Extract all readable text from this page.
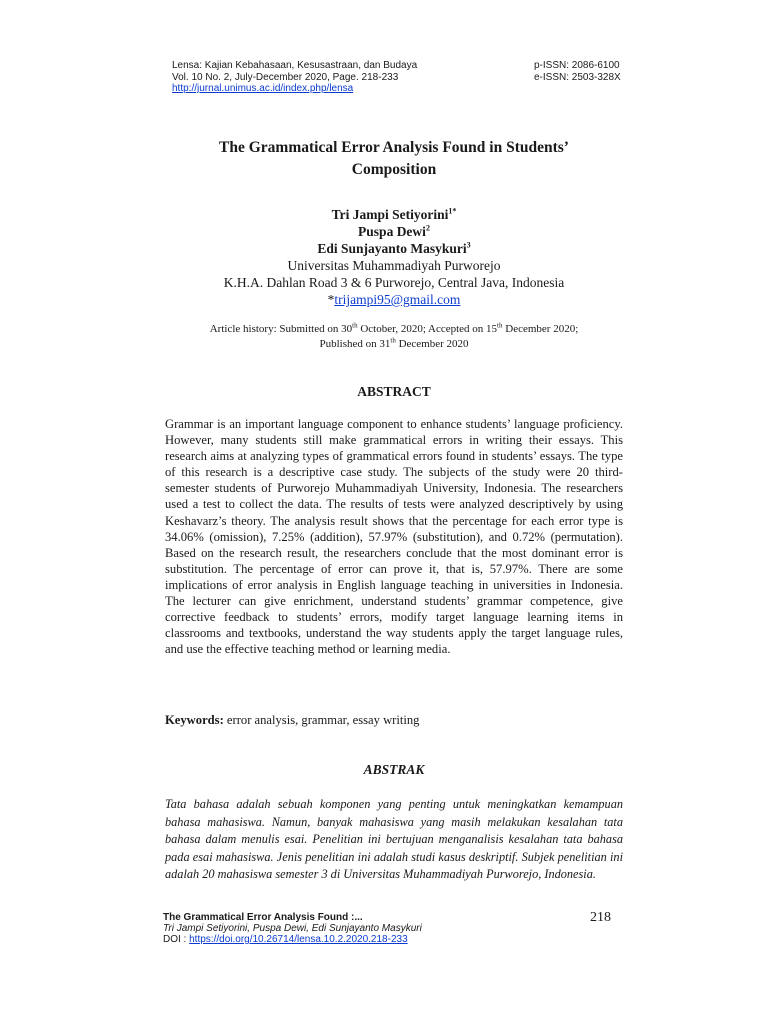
Lensa: Kajian Kebahasaan, Kesusastraan, dan Budaya
Vol. 10 No. 2, July-December 2020, Page. 218-233
http://jurnal.unimus.ac.id/index.php/lensa
p-ISSN: 2086-6100
e-ISSN: 2503-328X
The Grammatical Error Analysis Found in Students’
Composition
Tri Jampi Setiyorini$^{1*}$
Puspa Dewi$^2$
Edi Sunjayanto Masykuri$^3$
Universitas Muhammadiyah Purworejo
K.H.A. Dahlan Road 3 & 6 Purworejo, Central Java, Indonesia
*trijampi95@gmail.com
Article history: Submitted on 30th October, 2020; Accepted on 15th December 2020;
Published on 31th December 2020
ABSTRACT
Grammar is an important language component to enhance students’ language proficiency. However, many students still make grammatical errors in writing their essays. This research aims at analyzing types of grammatical errors found in students’ essays. The type of this research is a descriptive case study. The subjects of the study were 20 third-semester students of Purworejo Muhammadiyah University, Indonesia. The researchers used a test to collect the data. The results of tests were analyzed descriptively by using Keshavarz’s theory. The analysis result shows that the percentage for each error type is 34.06% (omission), 7.25% (addition), 57.97% (substitution), and 0.72% (permutation). Based on the research result, the researchers conclude that the most dominant error is substitution. The percentage of error can prove it, that is, 57.97%. There are some implications of error analysis in English language teaching in universities in Indonesia. The lecturer can give enrichment, understand students’ grammar competence, give corrective feedback to students’ errors, modify target language learning items in classrooms and textbooks, understand the way students apply the target language rules, and use the effective teaching method or learning media.
Keywords: error analysis, grammar, essay writing
ABSTRAK
Tata bahasa adalah sebuah komponen yang penting untuk meningkatkan kemampuan bahasa mahasiswa. Namun, banyak mahasiswa yang masih melakukan kesalahan tata bahasa dalam menulis esai. Penelitian ini bertujuan menganalisis kesalahan tata bahasa pada esai mahasiswa. Jenis penelitian ini adalah studi kasus deskriptif. Subjek penelitian ini adalah 20 mahasiswa semester 3 di Universitas Muhammadiyah Purworejo, Indonesia.
The Grammatical Error Analysis Found :...
Tri Jampi Setiyorini, Puspa Dewi, Edi Sunjayanto Masykuri
DOI : https://doi.org/10.26714/lensa.10.2.2020.218-233
218
